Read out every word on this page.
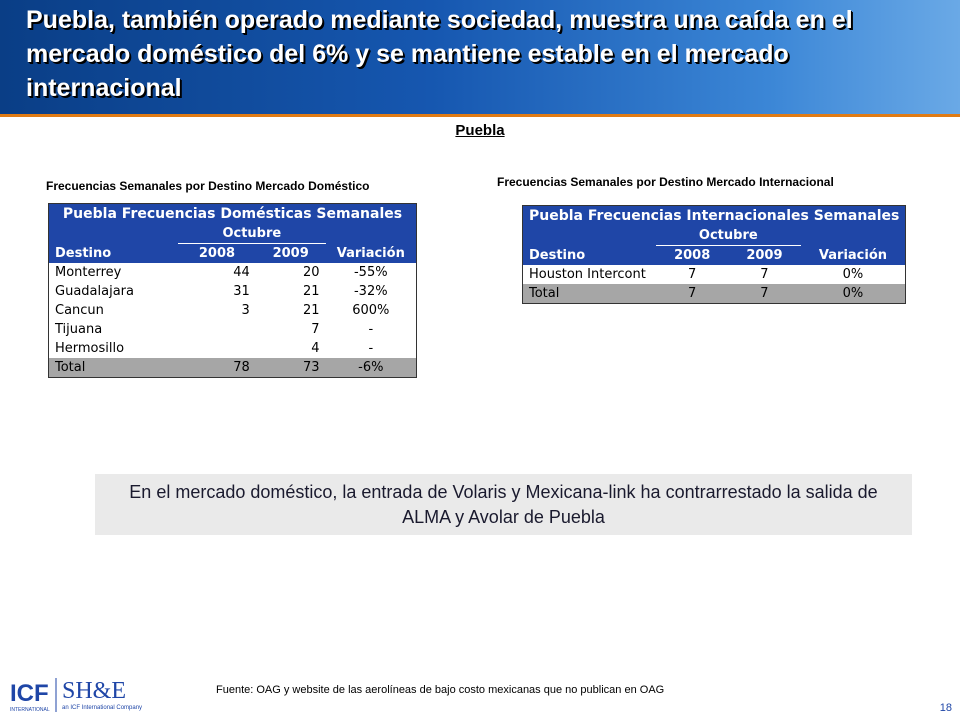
Puebla, también operado mediante sociedad, muestra una caída en el mercado doméstico del 6% y se mantiene estable en el mercado internacional
Puebla
Frecuencias Semanales por Destino Mercado Doméstico	Frecuencias Semanales por Destino Mercado Internacional
Puebla Frecuencias Domésticas Semanales			
	Octubre		
Destino	2008	2009	Variación
Monterrey	44	20	-55%
Guadalajara	31	21	-32%
Cancun	3	21	600%
Tijuana		7	-
Hermosillo		4	-
Total	78	73	-6%
Puebla Frecuencias Internacionales Semanales			
	Octubre		
Destino	2008	2009	Variación
Houston Intercont	7	7	0%
Total	7	7	0%
En el mercado doméstico, la entrada de Volaris y Mexicana-link ha contrarrestado la salida de ALMA y Avolar de Puebla
ICF
INTERNATIONAL
SH&E
an ICF International Company
Fuente: OAG y website de las aerolíneas de bajo costo mexicanas que no publican en OAG
18
